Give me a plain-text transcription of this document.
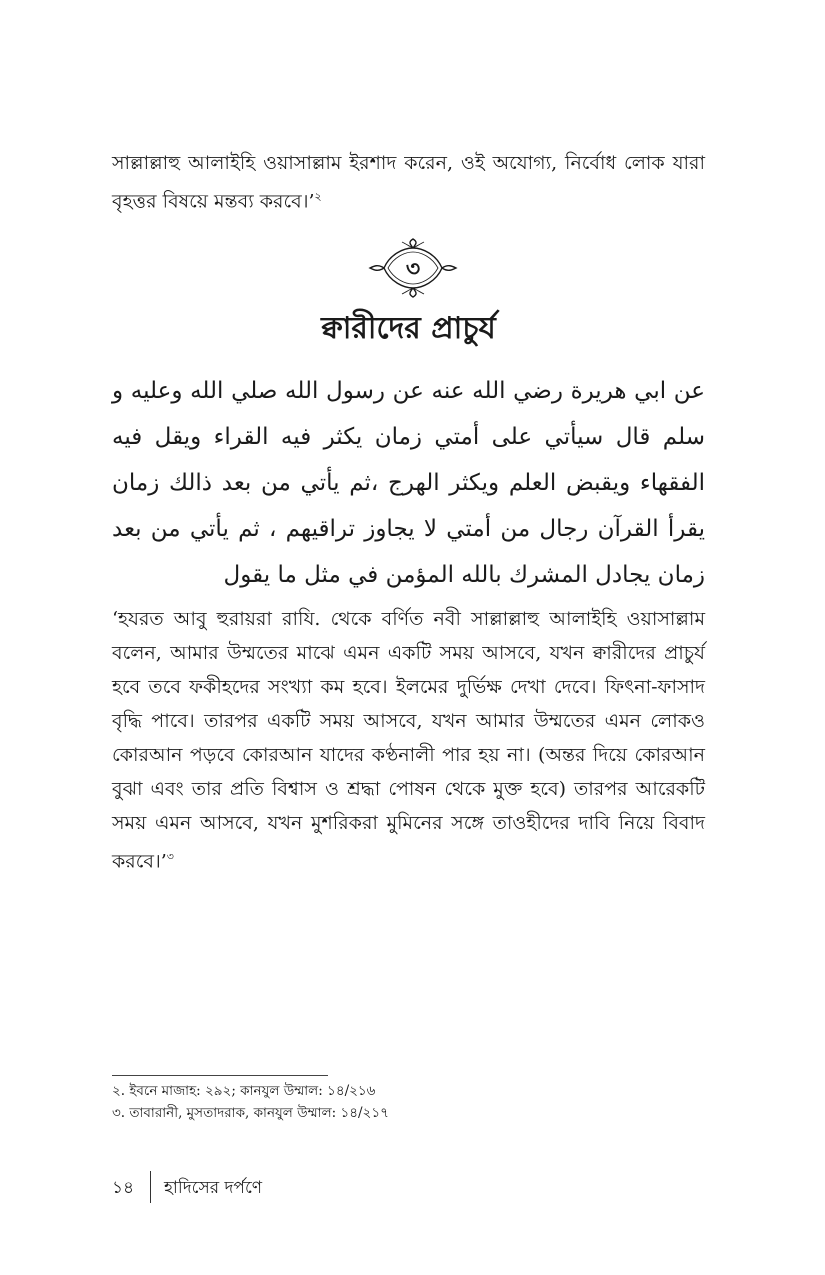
সাল্লাল্লাহু আলাইহি ওয়াসাল্লাম ইরশাদ করেন, ওই অযোগ্য, নির্বোধ লোক যারা বৃহত্তর বিষয়ে মন্তব্য করবে।’$^২$

৩
ক্বারীদের প্রাচুর্য

عن ابي هريرة رضي الله عنه عن رسول الله صلي الله وعليه و سلم قال سيأتي على أمتي زمان يكثر فيه القراء ويقل فيه الفقهاء ويقبض العلم ويكثر الهرج ،ثم يأتي من بعد ذالك زمان يقرأ القرآن رجال من أمتي لا يجاوز تراقيهم ، ثم يأتي من بعد زمان يجادل المشرك بالله المؤمن في مثل ما يقول

‘হযরত আবু হুরায়রা রাযি. থেকে বর্ণিত নবী সাল্লাল্লাহু আলাইহি ওয়াসাল্লাম বলেন, আমার উম্মতের মাঝে এমন একটি সময় আসবে, যখন ক্বারীদের প্রাচুর্য হবে তবে ফকীহদের সংখ্যা কম হবে। ইলমের দুর্ভিক্ষ দেখা দেবে। ফিৎনা-ফাসাদ বৃদ্ধি পাবে। তারপর একটি সময় আসবে, যখন আমার উম্মতের এমন লোকও কোরআন পড়বে কোরআন যাদের কণ্ঠনালী পার হয় না। (অন্তর দিয়ে কোরআন বুঝা এবং তার প্রতি বিশ্বাস ও শ্রদ্ধা পোষন থেকে মুক্ত হবে) তারপর আরেকটি সময় এমন আসবে, যখন মুশরিকরা মুমিনের সঙ্গে তাওহীদের দাবি নিয়ে বিবাদ করবে।’$^৩$

২. ইবনে মাজাহ: ২৯২; কানযুল উম্মাল: ১৪/২১৬
৩. তাবারানী, মুসতাদরাক, কানযুল উম্মাল: ১৪/২১৭
১৪ হাদিসের দর্পণে
